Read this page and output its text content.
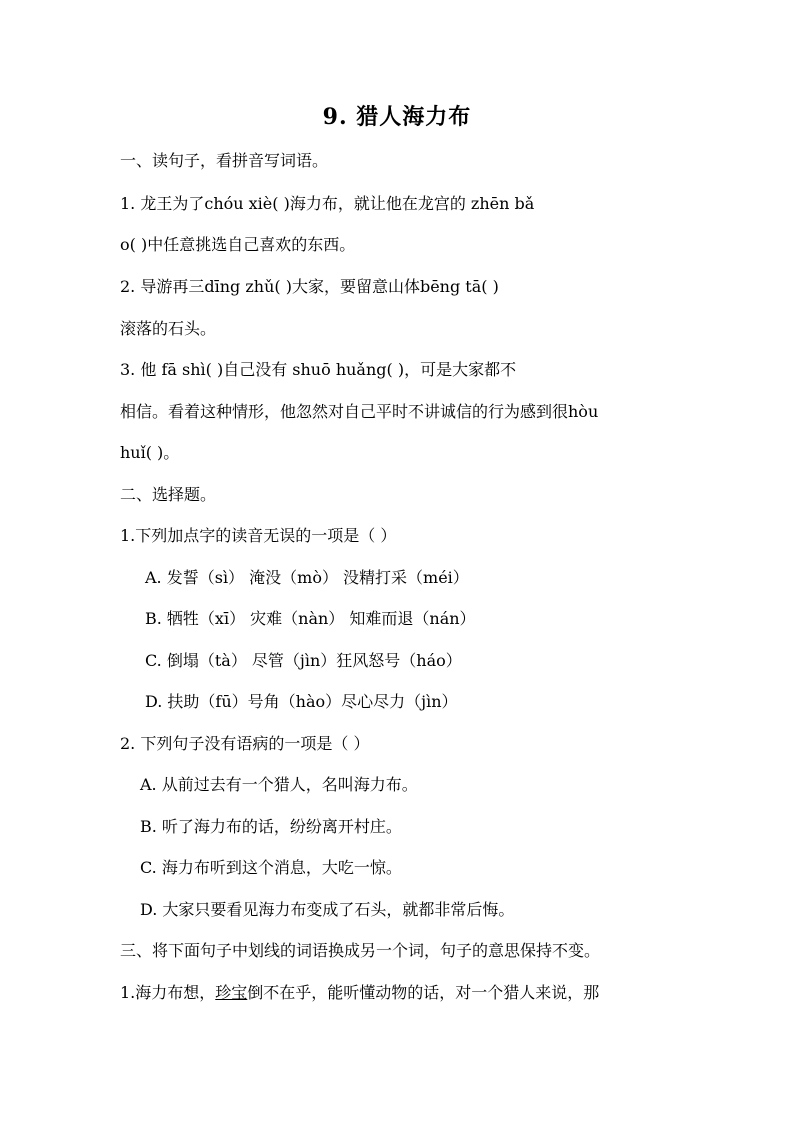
9. 猎人海力布
一、读句子，看拼音写词语。
1. 龙王为了chóu xiè( )海力布，就让他在龙宫的 zhēn bǎ
o( )中任意挑选自己喜欢的东西。
2. 导游再三dīng zhǔ( )大家，要留意山体bēng tā( )
滚落的石头。
3. 他 fā shì( )自己没有 shuō huǎng( )，可是大家都不
相信。看着这种情形，他忽然对自己平时不讲诚信的行为感到很hòu
huǐ( )。
二、选择题。
1.下列加点字的读音无误的一项是（ ）
A. 发誓（sì） 淹没（mò） 没精打采（méi）
B. 牺牲（xī） 灾难（nàn） 知难而退（nán）
C. 倒塌（tà） 尽管（jìn）狂风怒号（háo）
D. 扶助（fū）号角（hào）尽心尽力（jìn）
2. 下列句子没有语病的一项是（ ）
A. 从前过去有一个猎人，名叫海力布。
B. 听了海力布的话，纷纷离开村庄。
C. 海力布听到这个消息，大吃一惊。
D. 大家只要看见海力布变成了石头，就都非常后悔。
三、将下面句子中划线的词语换成另一个词，句子的意思保持不变。
1.海力布想，珍宝倒不在乎，能听懂动物的话，对一个猎人来说，那
